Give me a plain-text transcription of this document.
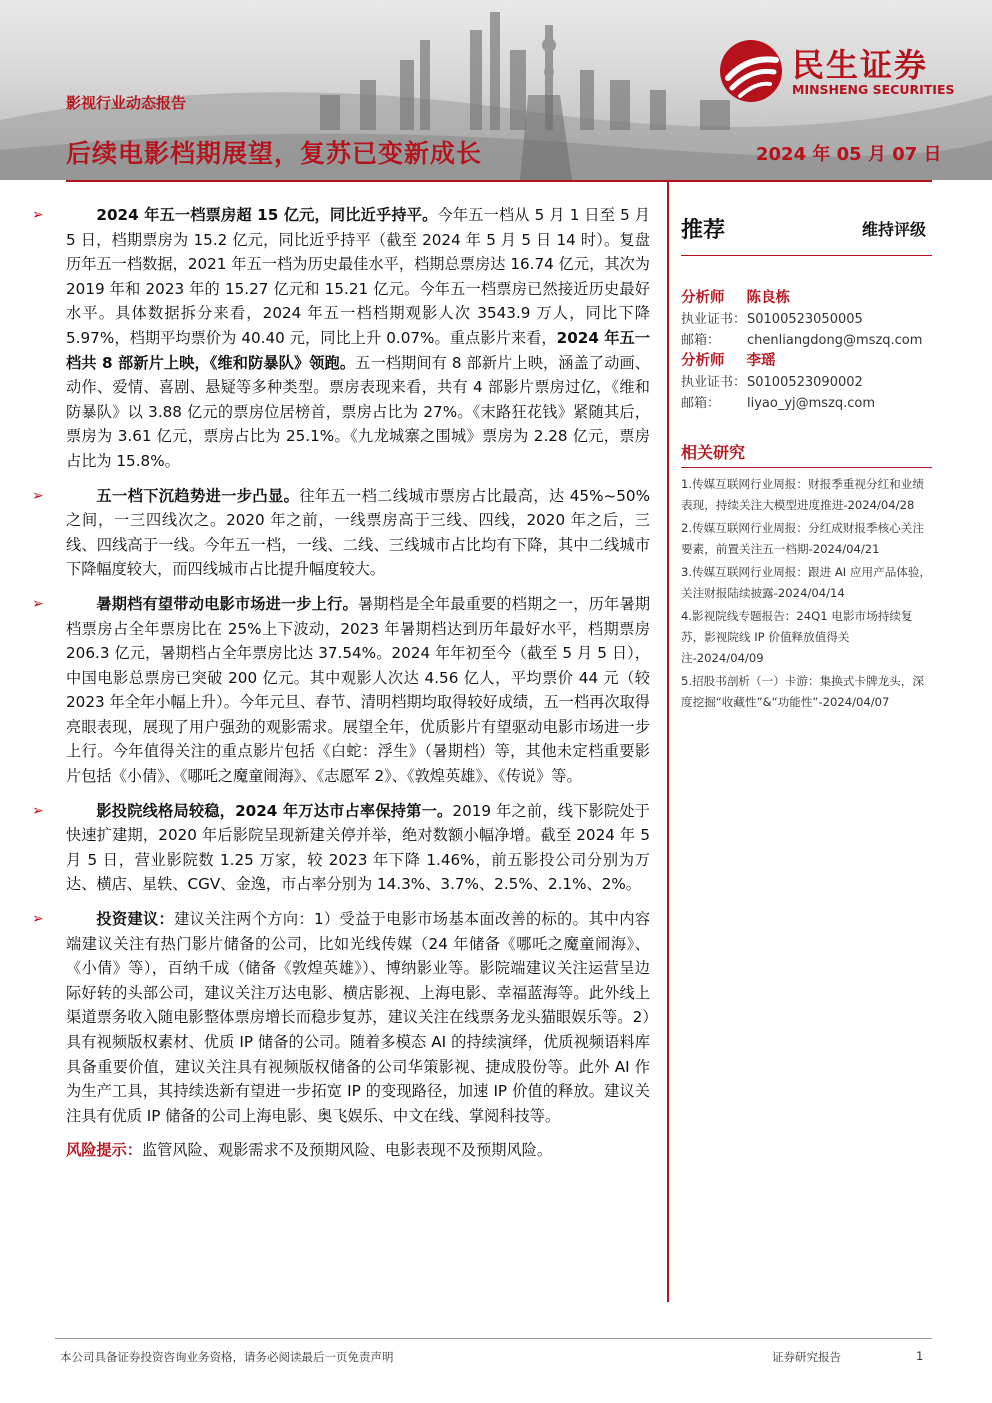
影视行业动态报告
后续电影档期展望，复苏已变新成长	2024 年 05 月 07 日
民生证券
MINSHENG SECURITIES

➢	2024 年五一档票房超 15 亿元，同比近乎持平。今年五一档从 5 月 1 日至 5 月 5 日，档期票房为 15.2 亿元，同比近乎持平（截至 2024 年 5 月 5 日 14 时）。复盘历年五一档数据，2021 年五一档为历史最佳水平，档期总票房达 16.74 亿元，其次为 2019 年和 2023 年的 15.27 亿元和 15.21 亿元。今年五一档票房已然接近历史最好水平。具体数据拆分来看，2024 年五一档档期观影人次 3543.9 万人，同比下降 5.97%，档期平均票价为 40.40 元，同比上升 0.07%。重点影片来看，2024 年五一档共 8 部新片上映，《维和防暴队》领跑。五一档期间有 8 部新片上映，涵盖了动画、动作、爱情、喜剧、悬疑等多种类型。票房表现来看，共有 4 部影片票房过亿，《维和防暴队》以 3.88 亿元的票房位居榜首，票房占比为 27%。《末路狂花钱》紧随其后，票房为 3.61 亿元，票房占比为 25.1%。《九龙城寨之围城》票房为 2.28 亿元，票房占比为 15.8%。

➢	五一档下沉趋势进一步凸显。往年五一档二线城市票房占比最高，达 45%~50%之间，一三四线次之。2020 年之前，一线票房高于三线、四线，2020 年之后，三线、四线高于一线。今年五一档，一线、二线、三线城市占比均有下降，其中二线城市下降幅度较大，而四线城市占比提升幅度较大。

➢	暑期档有望带动电影市场进一步上行。暑期档是全年最重要的档期之一，历年暑期档票房占全年票房比在 25%上下波动，2023 年暑期档达到历年最好水平，档期票房 206.3 亿元，暑期档占全年票房比达 37.54%。2024 年年初至今（截至 5 月 5 日），中国电影总票房已突破 200 亿元。其中观影人次达 4.56 亿人，平均票价 44 元（较 2023 年全年小幅上升）。今年元旦、春节、清明档期均取得较好成绩，五一档再次取得亮眼表现，展现了用户强劲的观影需求。展望全年，优质影片有望驱动电影市场进一步上行。今年值得关注的重点影片包括《白蛇：浮生》（暑期档）等，其他未定档重要影片包括《小倩》、《哪吒之魔童闹海》、《志愿军 2》、《敦煌英雄》、《传说》等。

➢	影投院线格局较稳，2024 年万达市占率保持第一。2019 年之前，线下影院处于快速扩建期，2020 年后影院呈现新建关停并举，绝对数额小幅净增。截至 2024 年 5 月 5 日，营业影院数 1.25 万家，较 2023 年下降 1.46%，前五影投公司分别为万达、横店、星轶、CGV、金逸，市占率分别为 14.3%、3.7%、2.5%、2.1%、2%。

➢	投资建议：建议关注两个方向：1）受益于电影市场基本面改善的标的。其中内容端建议关注有热门影片储备的公司，比如光线传媒（24 年储备《哪吒之魔童闹海》、《小倩》等），百纳千成（储备《敦煌英雄》）、博纳影业等。影院端建议关注运营呈边际好转的头部公司，建议关注万达电影、横店影视、上海电影、幸福蓝海等。此外线上渠道票务收入随电影整体票房增长而稳步复苏，建议关注在线票务龙头猫眼娱乐等。2）具有视频版权素材、优质 IP 储备的公司。随着多模态 AI 的持续演绎，优质视频语料库具备重要价值，建议关注具有视频版权储备的公司华策影视、捷成股份等。此外 AI 作为生产工具，其持续迭新有望进一步拓宽 IP 的变现路径，加速 IP 价值的释放。建议关注具有优质 IP 储备的公司上海电影、奥飞娱乐、中文在线、掌阅科技等。

风险提示：监管风险、观影需求不及预期风险、电影表现不及预期风险。

推荐	维持评级
分析师 陈良栋
执业证书： S0100523050005
邮箱：	chenliangdong@mszq.com
分析师 李瑶
执业证书： S0100523090002
邮箱：	liyao_yj@mszq.com
相关研究
1.传媒互联网行业周报：财报季重视分红和业绩表现，持续关注大模型进度推进-2024/04/28
2.传媒互联网行业周报：分红成财报季核心关注要素，前置关注五一档期-2024/04/21
3.传媒互联网行业周报：跟进 AI 应用产品体验，关注财报陆续披露-2024/04/14
4.影视院线专题报告：24Q1 电影市场持续复苏，影视院线 IP 价值释放值得关注-2024/04/09
5.招股书剖析（一）卡游：集换式卡牌龙头，深度挖掘“收藏性”&“功能性”-2024/04/07
本公司具备证券投资咨询业务资格，请务必阅读最后一页免责声明	证券研究报告	1
